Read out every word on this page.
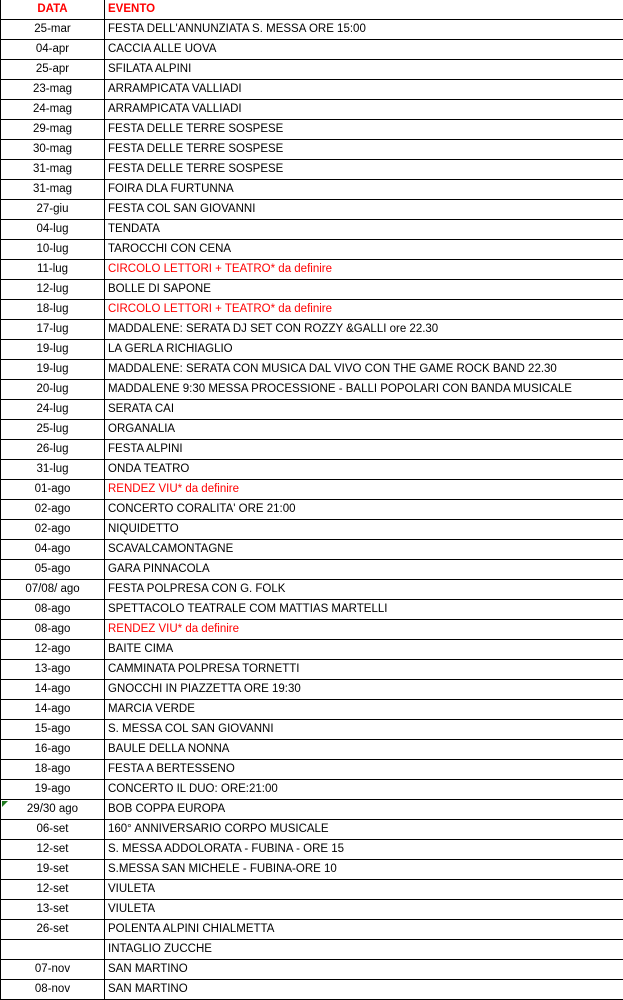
DATA	EVENTO
25-mar	FESTA DELL'ANNUNZIATA S. MESSA ORE 15:00
04-apr	CACCIA ALLE UOVA
25-apr	SFILATA ALPINI
23-mag	ARRAMPICATA VALLIADI
24-mag	ARRAMPICATA VALLIADI
29-mag	FESTA DELLE TERRE SOSPESE
30-mag	FESTA DELLE TERRE SOSPESE
31-mag	FESTA DELLE TERRE SOSPESE
31-mag	FOIRA DLA FURTUNNA
27-giu	FESTA COL SAN GIOVANNI
04-lug	TENDATA
10-lug	TAROCCHI CON CENA
11-lug	CIRCOLO LETTORI + TEATRO* da definire
12-lug	BOLLE DI SAPONE
18-lug	CIRCOLO LETTORI + TEATRO* da definire
17-lug	MADDALENE: SERATA DJ SET CON ROZZY &GALLI ore 22.30
19-lug	LA GERLA RICHIAGLIO
19-lug	MADDALENE: SERATA CON MUSICA DAL VIVO CON THE GAME ROCK BAND 22.30
20-lug	MADDALENE 9:30 MESSA PROCESSIONE - BALLI POPOLARI CON BANDA MUSICALE
24-lug	SERATA CAI
25-lug	ORGANALIA
26-lug	FESTA ALPINI
31-lug	ONDA TEATRO
01-ago	RENDEZ VIU* da definire
02-ago	CONCERTO CORALITA' ORE 21:00
02-ago	NIQUIDETTO
04-ago	SCAVALCAMONTAGNE
05-ago	GARA PINNACOLA
07/08/ ago	FESTA POLPRESA CON G. FOLK
08-ago	SPETTACOLO TEATRALE COM MATTIAS MARTELLI
08-ago	RENDEZ VIU* da definire
12-ago	BAITE CIMA
13-ago	CAMMINATA POLPRESA TORNETTI
14-ago	GNOCCHI IN PIAZZETTA ORE 19:30
14-ago	MARCIA VERDE
15-ago	S. MESSA COL SAN GIOVANNI
16-ago	BAULE DELLA NONNA
18-ago	FESTA A BERTESSENO
19-ago	CONCERTO IL DUO: ORE:21:00
29/30 ago	BOB COPPA EUROPA
06-set	160° ANNIVERSARIO CORPO MUSICALE
12-set	S. MESSA ADDOLORATA - FUBINA - ORE 15
19-set	S.MESSA SAN MICHELE - FUBINA-ORE 10
12-set	VIULETA
13-set	VIULETA
26-set	POLENTA ALPINI CHIALMETTA
	INTAGLIO ZUCCHE
07-nov	SAN MARTINO
08-nov	SAN MARTINO
